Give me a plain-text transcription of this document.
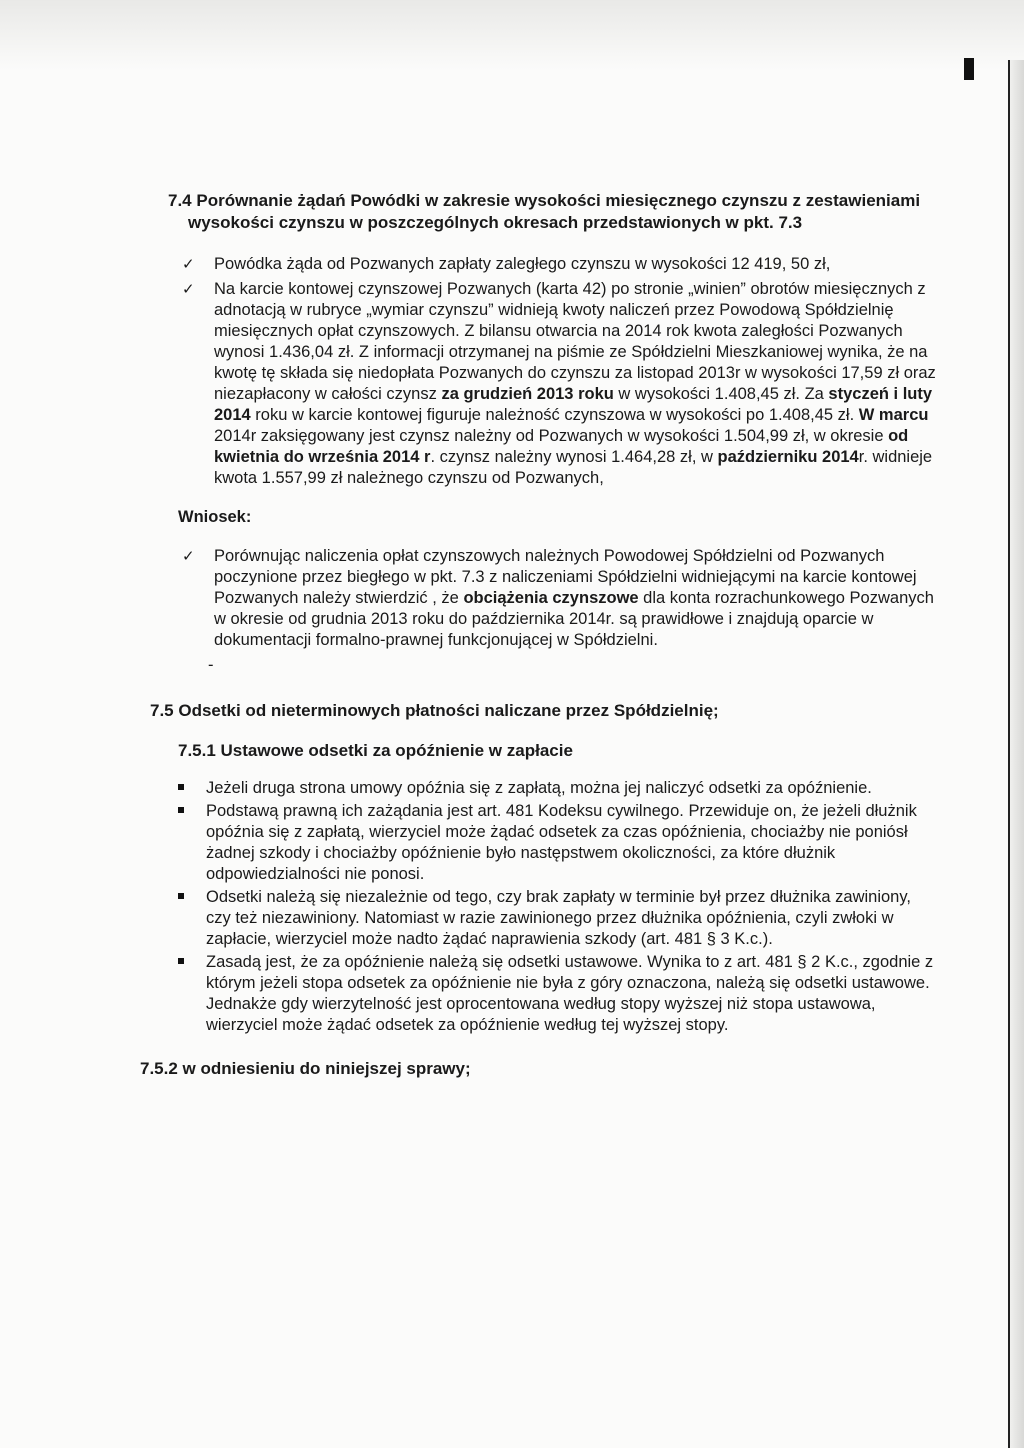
7.4 Porównanie żądań Powódki w zakresie wysokości miesięcznego czynszu z zestawieniami wysokości czynszu w poszczególnych okresach przedstawionych w pkt. 7.3

✓ Powódka żąda od Pozwanych zapłaty zaległego czynszu w wysokości 12 419, 50 zł,
✓ Na karcie kontowej czynszowej Pozwanych (karta 42) po stronie „winien” obrotów miesięcznych z adnotacją w rubryce „wymiar czynszu” widnieją kwoty naliczeń przez Powodową Spółdzielnię miesięcznych opłat czynszowych. Z bilansu otwarcia na 2014 rok kwota zaległości Pozwanych wynosi 1.436,04 zł. Z informacji otrzymanej na piśmie ze Spółdzielni Mieszkaniowej wynika, że na kwotę tę składa się niedopłata Pozwanych do czynszu za listopad 2013r w wysokości 17,59 zł oraz niezapłacony w całości czynsz za grudzień 2013 roku w wysokości 1.408,45 zł. Za styczeń i luty 2014 roku w karcie kontowej figuruje należność czynszowa w wysokości po 1.408,45 zł. W marcu 2014r zaksięgowany jest czynsz należny od Pozwanych w wysokości 1.504,99 zł, w okresie od kwietnia do września 2014 r. czynsz należny wynosi 1.464,28 zł, w październiku 2014r. widnieje kwota 1.557,99 zł należnego czynszu od Pozwanych,

Wniosek:

✓ Porównując naliczenia opłat czynszowych należnych Powodowej Spółdzielni od Pozwanych poczynione przez biegłego w pkt. 7.3 z naliczeniami Spółdzielni widniejącymi na karcie kontowej Pozwanych należy stwierdzić , że obciążenia czynszowe dla konta rozrachunkowego Pozwanych w okresie od grudnia 2013 roku do października 2014r. są prawidłowe i znajdują oparcie w dokumentacji formalno-prawnej funkcjonującej w Spółdzielni.

-

7.5 Odsetki od nieterminowych płatności naliczane przez Spółdzielnię;

7.5.1 Ustawowe odsetki za opóźnienie w zapłacie

Jeżeli druga strona umowy opóźnia się z zapłatą, można jej naliczyć odsetki za opóźnienie.
Podstawą prawną ich zażądania jest art. 481 Kodeksu cywilnego. Przewiduje on, że jeżeli dłużnik opóźnia się z zapłatą, wierzyciel może żądać odsetek za czas opóźnienia, chociażby nie poniósł żadnej szkody i chociażby opóźnienie było następstwem okoliczności, za które dłużnik odpowiedzialności nie ponosi.
Odsetki należą się niezależnie od tego, czy brak zapłaty w terminie był przez dłużnika zawiniony, czy też niezawiniony. Natomiast w razie zawinionego przez dłużnika opóźnienia, czyli zwłoki w zapłacie, wierzyciel może nadto żądać naprawienia szkody (art. 481 § 3 K.c.).
Zasadą jest, że za opóźnienie należą się odsetki ustawowe. Wynika to z art. 481 § 2 K.c., zgodnie z którym jeżeli stopa odsetek za opóźnienie nie była z góry oznaczona, należą się odsetki ustawowe. Jednakże gdy wierzytelność jest oprocentowana według stopy wyższej niż stopa ustawowa, wierzyciel może żądać odsetek za opóźnienie według tej wyższej stopy.

7.5.2 w odniesieniu do niniejszej sprawy;
